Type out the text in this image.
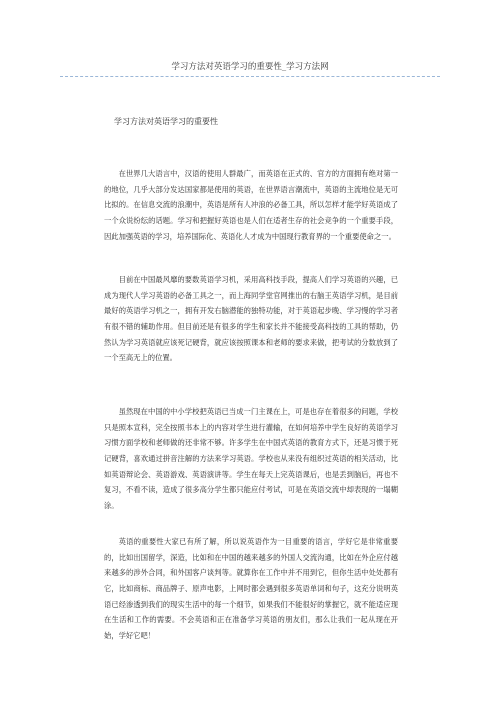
学习方法对英语学习的重要性_学习方法网
学习方法对英语学习的重要性

在世界几大语言中，汉语的使用人群最广，而英语在正式的、官方的方面拥有绝对第一的地位，几乎大部分发达国家都是使用的英语，在世界语言潮流中，英语的主流地位是无可比拟的。在信息交流的浪潮中，英语是所有人冲浪的必备工具，所以怎样才能学好英语成了一个众说纷纭的话题。学习和把握好英语也是人们在适者生存的社会竞争的一个重要手段，因此加强英语的学习，培养国际化、英语化人才成为中国现行教育界的一个重要使命之一。

目前在中国最风靡的要数英语学习机，采用高科技手段，提高人们学习英语的兴趣，已成为现代人学习英语的必备工具之一，而上海同学堂官网推出的右脑王英语学习机，是目前最好的英语学习机之一，拥有开发右脑潜能的独特功能，对于英语起步晚、学习慢的学习者有很不错的辅助作用。但目前还是有很多的学生和家长并不能接受高科技的工具的帮助，仍然认为学习英语就应该死记硬背，就应该按照课本和老师的要求来做，把考试的分数放到了一个至高无上的位置。

虽然现在中国的中小学校把英语已当成一门主课在上，可是也存在着很多的问题，学校只是照本宣科，完全按照书本上的内容对学生进行灌输，在如何培养中学生良好的英语学习习惯方面学校和老师做的还非常不够。许多学生在中国式英语的教育方式下，还是习惯于死记硬背，喜欢通过拼音注解的方法来学习英语。学校也从来没有组织过英语的相关活动，比如英语辩论会、英语游戏、英语演讲等。学生在每天上完英语课后，也是丢到脑后，再也不复习，不看不读，造成了很多高分学生都只能应付考试，可是在英语交流中却表现的一塌糊涂。

英语的重要性大家已有所了解，所以说英语作为一目重要的语言，学好它是非常重要的，比如出国留学，深造，比如和在中国的越来越多的外国人交流沟通，比如在外企应付越来越多的涉外合同，和外国客户谈判等。就算你在工作中并不用到它，但你生活中处处都有它，比如商标、商品牌子、原声电影，上网时都会遇到很多英语单词和句子，这充分说明英语已经渗透到我们的现实生活中的每一个细节，如果我们不能很好的掌握它，就不能适应现在生活和工作的需要。不会英语和正在准备学习英语的朋友们，那么让我们一起从现在开始，学好它吧！
